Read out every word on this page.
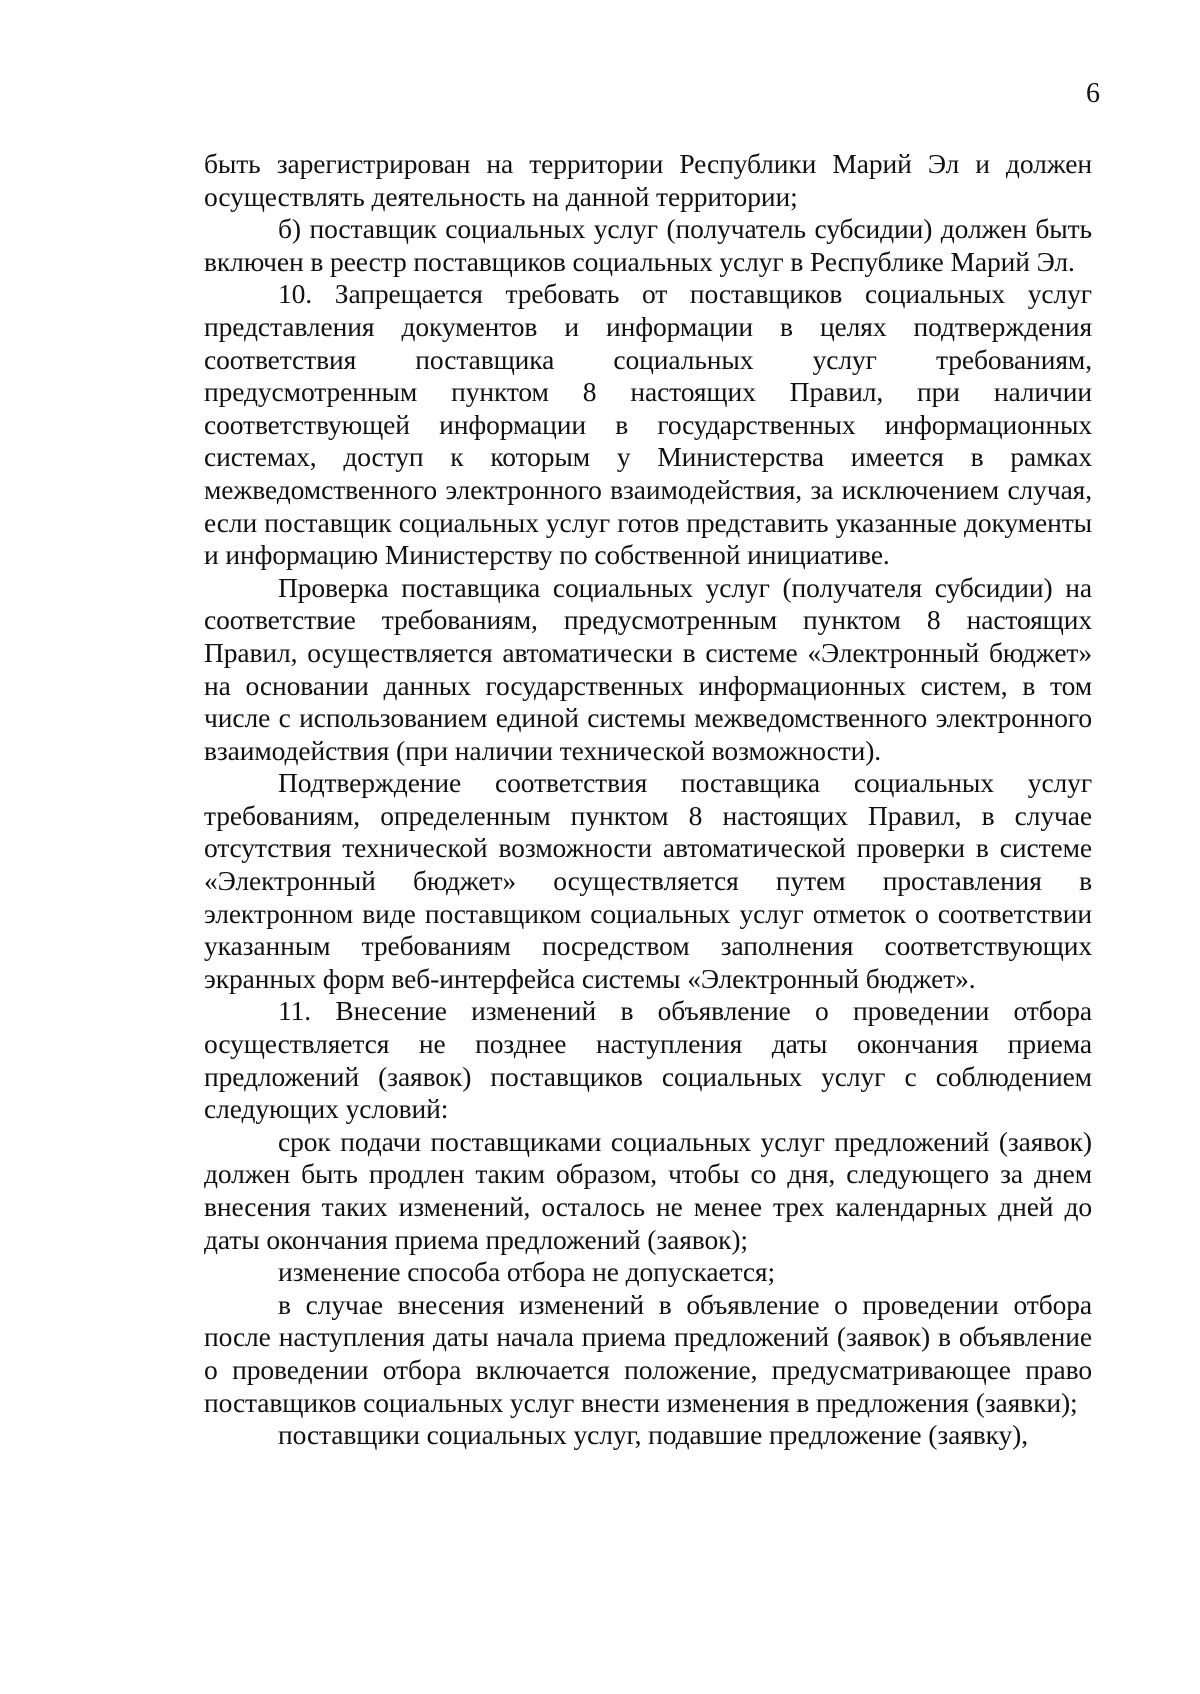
6

быть зарегистрирован на территории Республики Марий Эл и должен осуществлять деятельность на данной территории;

б) поставщик социальных услуг (получатель субсидии) должен быть включен в реестр поставщиков социальных услуг в Республике Марий Эл.

10. Запрещается требовать от поставщиков социальных услуг представления документов и информации в целях подтверждения соответствия поставщика социальных услуг требованиям, предусмотренным пунктом 8 настоящих Правил, при наличии соответствующей информации в государственных информационных системах, доступ к которым у Министерства имеется в рамках межведомственного электронного взаимодействия, за исключением случая, если поставщик социальных услуг готов представить указанные документы и информацию Министерству по собственной инициативе.

Проверка поставщика социальных услуг (получателя субсидии) на соответствие требованиям, предусмотренным пунктом 8 настоящих Правил, осуществляется автоматически в системе «Электронный бюджет» на основании данных государственных информационных систем, в том числе с использованием единой системы межведомственного электронного взаимодействия (при наличии технической возможности).

Подтверждение соответствия поставщика социальных услуг требованиям, определенным пунктом 8 настоящих Правил, в случае отсутствия технической возможности автоматической проверки в системе «Электронный бюджет» осуществляется путем проставления в электронном виде поставщиком социальных услуг отметок о соответствии указанным требованиям посредством заполнения соответствующих экранных форм веб-интерфейса системы «Электронный бюджет».

11. Внесение изменений в объявление о проведении отбора осуществляется не позднее наступления даты окончания приема предложений (заявок) поставщиков социальных услуг с соблюдением следующих условий:

срок подачи поставщиками социальных услуг предложений (заявок) должен быть продлен таким образом, чтобы со дня, следующего за днем внесения таких изменений, осталось не менее трех календарных дней до даты окончания приема предложений (заявок);

изменение способа отбора не допускается;

в случае внесения изменений в объявление о проведении отбора после наступления даты начала приема предложений (заявок) в объявление о проведении отбора включается положение, предусматривающее право поставщиков социальных услуг внести изменения в предложения (заявки);

поставщики социальных услуг, подавшие предложение (заявку),
